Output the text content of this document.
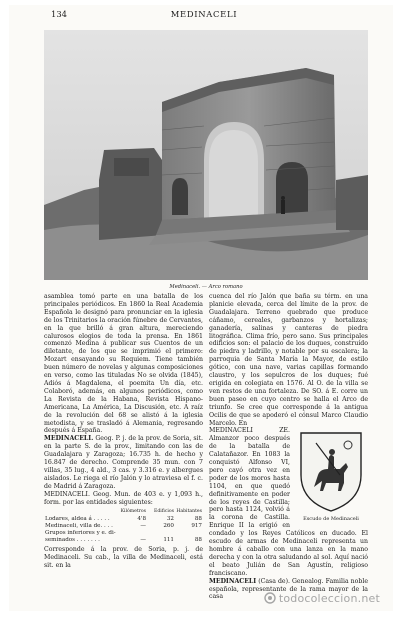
134	MEDINACELI
Medinaceli. — Arco romano

asamblea tomó parte en una batalla de los principales periódicos. En 1860 la Real Academia Española le designó para pronunciar en la iglesia de los Trinitarios la oración fúnebre de Cervantes, en la que brilló á gran altura, mereciendo calurosos elogios de toda la prensa. En 1861 comenzó Medina á publicar sus Cuentos de un diletante, de los que se imprimió el primero: Mozart ensayando su Requiem. Tiene también buen número de novelas y algunas composiciones en verso, como las tituladas No se olvida (1845), Adiós á Magdalena, el poemita Un día, etc. Colaboró, además, en algunos periódicos, como La Revista de la Habana, Revista Hispano-Americana, La América, La Discusión, etc. A raíz de la revolución del 68 se alistó á la iglesia metodista, y se trasladó á Alemania, regresando después á España.

MEDINACELI. Geog. P. j. de la prov. de Soria, sit. en la parte S. de la prov., limitando con las de Guadalajara y Zaragoza; 16.735 h. de hecho y 16.847 de derecho. Comprende 35 mun. con 7 villas, 35 lug., 4 ald., 3 cas. y 3.316 e. y albergues aislados. Le riega el río Jalón y lo atraviesa el f. c. de Madrid á Zaragoza.

MEDINACELI. Geog. Mun. de 403 e. y 1,093 h., form. por las entidades siguientes:

	Kilómetros	Edificios	Habitantes
Lodares, aldea á . . . . .	4'8	32	88
Medinaceli, villa de. . . .	—	260	917
Grupos inferiores y e. di-			
seminados . . . . . . .	—	111	88

Corresponde á la prov. de Soria, p. j. de Medinaceli. Su cab., la villa de Medinaceli, está sit. en la

cuenca del río Jalón que baña su térm. en una planicie elevada, cerca del límite de la prov. de Guadalajara. Terreno quebrado que produce cáñamo, cereales, garbanzos y hortalizas; ganadería, salinas y canteras de piedra litográfica. Clima frío, pero sano. Sus principales edificios son: el palacio de los duques, construído de piedra y ladrillo, y notable por su escalera; la parroquia de Santa María la Mayor, de estilo gótico, con una nave, varias capillas formando claustro, y los sepulcros de los duques; fué erigida en colegiata en 1576. Al O. de la villa se ven restos de una fortaleza. De SO. á E. corre un buen paseo en cuyo centro se halla el Arco de triunfo. Se cree que corresponde á la antigua Ocilis de que se apoderó el cónsul Marco Claudio Marcelo. En

Escudo de Medinaceli

MEDINACELI ZE. Almanzor poco después de la batalla de Calatañazor. En 1083 la conquistó Alfonso VI, pero cayó otra vez en poder de los moros hasta 1104, en que quedó definitivamente en poder de los reyes de Castilla; pero hasta 1124, volvió á la corona de Castilla. Enrique II la erigió en condado y los Reyes Católicos en ducado. El escudo de armas de Medinaceli representa un hombre á caballo con una lanza en la mano derecha y con la otra saludando al sol. Aquí nació el beato Julián de San Agustín, religioso franciscano.

MEDINACELI (Casa de). Genealog. Familia noble española, representante de la rama mayor de la casa	todocoleccion.net
